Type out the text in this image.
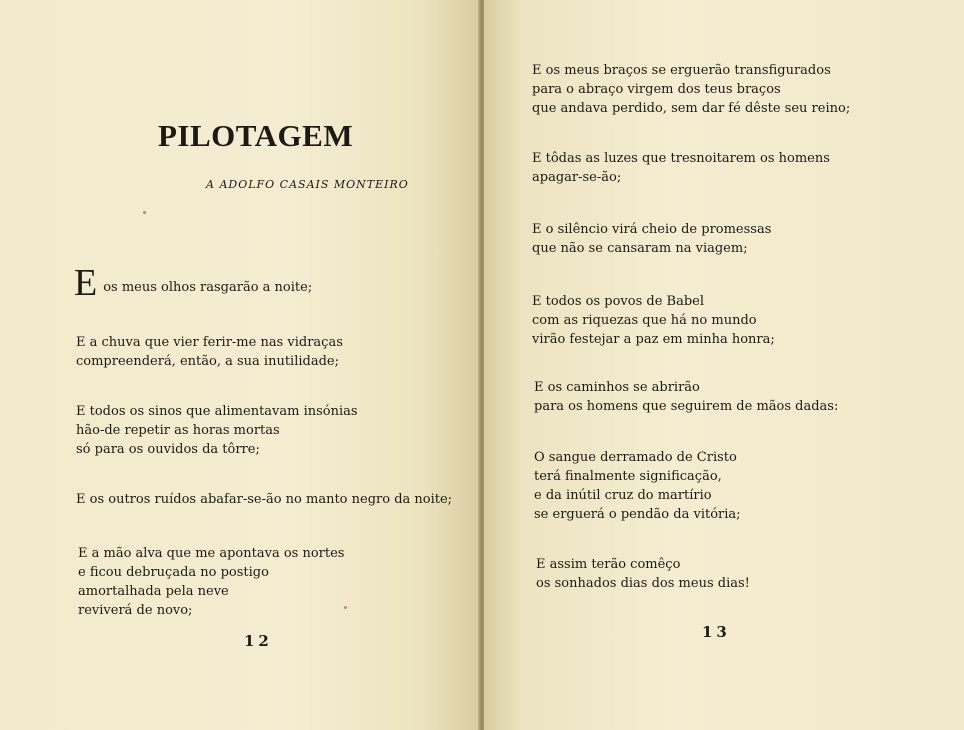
PILOTAGEM
A ADOLFO CASAIS MONTEIRO
E os meus olhos rasgarão a noite;
E a chuva que vier ferir-me nas vidraças
compreenderá, então, a sua inutilidade;
E todos os sinos que alimentavam insónias
hão-de repetir as horas mortas
só para os ouvidos da tôrre;
E os outros ruídos abafar-se-ão no manto negro da noite;
E a mão alva que me apontava os nortes
e ficou debruçada no postigo
amortalhada pela neve
reviverá de novo;
12
E os meus braços se erguerão transfigurados
para o abraço virgem dos teus braços
que andava perdido, sem dar fé dêste seu reino;
E tôdas as luzes que tresnoitarem os homens
apagar-se-ão;
E o silêncio virá cheio de promessas
que não se cansaram na viagem;
E todos os povos de Babel
com as riquezas que há no mundo
virão festejar a paz em minha honra;
E os caminhos se abrirão
para os homens que seguirem de mãos dadas:
O sangue derramado de Cristo
terá finalmente significação,
e da inútil cruz do martírio
se erguerá o pendão da vitória;
E assim terão comêço
os sonhados dias dos meus dias!
13
